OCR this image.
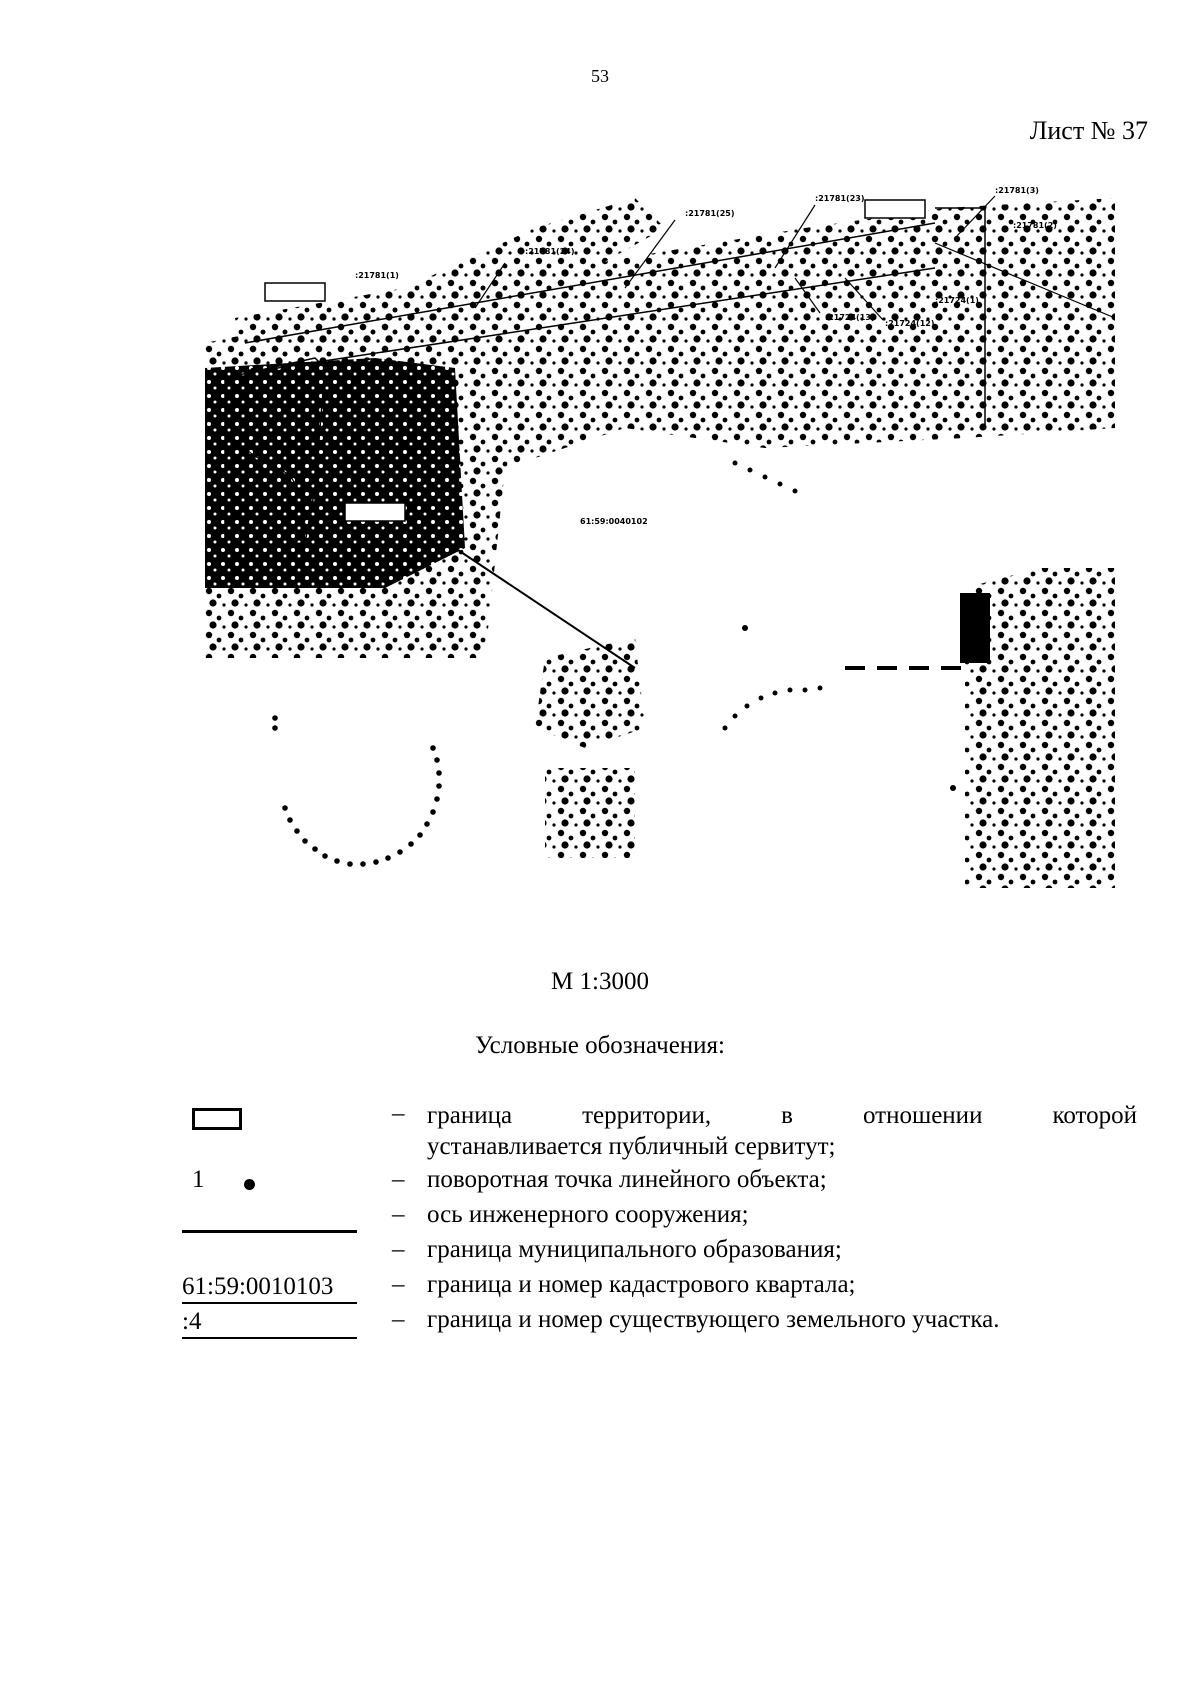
53
Лист № 37
:21781(24)
:21781(25)
:21781(23)
:21781(3)
:21781(2)
:21724(13)
:21724(12)
:21724(1)
61:59:0040102
:21781(1)
М 1:3000
Условные обозначения:
– граница территории, в отношении которой
устанавливается публичный сервитут;
1	– поворотная точка линейного объекта;
– ось инженерного сооружения;
– граница муниципального образования;
61:59:0010103	– граница и номер кадастрового квартала;
:4	– граница и номер существующего земельного участка.
